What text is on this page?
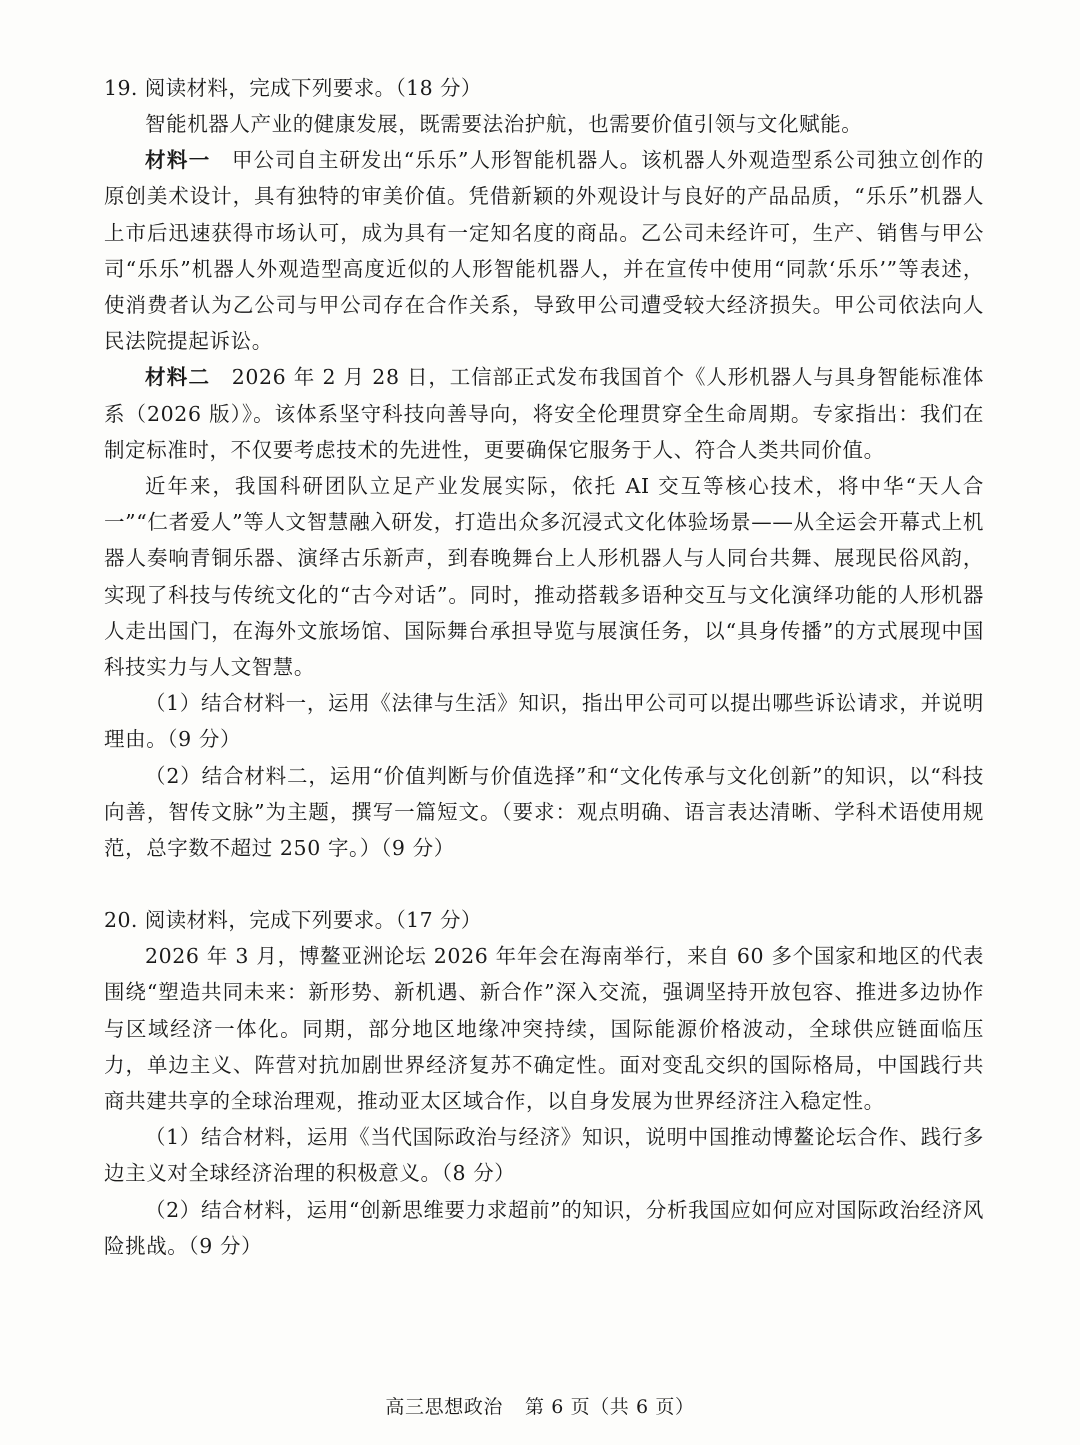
19. 阅读材料，完成下列要求。（18 分）

智能机器人产业的健康发展，既需要法治护航，也需要价值引领与文化赋能。

材料一　 甲公司自主研发出“乐乐”人形智能机器人。该机器人外观造型系公司独立创作的原创美术设计，具有独特的审美价值。凭借新颖的外观设计与良好的产品品质，“乐乐”机器人上市后迅速获得市场认可，成为具有一定知名度的商品。乙公司未经许可，生产、销售与甲公司“乐乐”机器人外观造型高度近似的人形智能机器人，并在宣传中使用“同款‘乐乐’”等表述，使消费者认为乙公司与甲公司存在合作关系，导致甲公司遭受较大经济损失。甲公司依法向人民法院提起诉讼。

材料二　 2026 年 2 月 28 日，工信部正式发布我国首个《人形机器人与具身智能标准体系（2026 版）》。该体系坚守科技向善导向，将安全伦理贯穿全生命周期。专家指出：我们在制定标准时，不仅要考虑技术的先进性，更要确保它服务于人、符合人类共同价值。

近年来，我国科研团队立足产业发展实际，依托 AI 交互等核心技术，将中华“天人合一”“仁者爱人”等人文智慧融入研发，打造出众多沉浸式文化体验场景——从全运会开幕式上机器人奏响青铜乐器、演绎古乐新声，到春晚舞台上人形机器人与人同台共舞、展现民俗风韵，实现了科技与传统文化的“古今对话”。同时，推动搭载多语种交互与文化演绎功能的人形机器人走出国门，在海外文旅场馆、国际舞台承担导览与展演任务，以“具身传播”的方式展现中国科技实力与人文智慧。

（1）结合材料一，运用《法律与生活》知识，指出甲公司可以提出哪些诉讼请求，并说明理由。（9 分）

（2）结合材料二，运用“价值判断与价值选择”和“文化传承与文化创新”的知识，以“科技向善，智传文脉”为主题，撰写一篇短文。（要求：观点明确、语言表达清晰、学科术语使用规范，总字数不超过 250 字。）（9 分）

20. 阅读材料，完成下列要求。（17 分）

2026 年 3 月，博鳌亚洲论坛 2026 年年会在海南举行，来自 60 多个国家和地区的代表围绕“塑造共同未来：新形势、新机遇、新合作”深入交流，强调坚持开放包容、推进多边协作与区域经济一体化。同期，部分地区地缘冲突持续，国际能源价格波动，全球供应链面临压力，单边主义、阵营对抗加剧世界经济复苏不确定性。面对变乱交织的国际格局，中国践行共商共建共享的全球治理观，推动亚太区域合作，以自身发展为世界经济注入稳定性。

（1）结合材料，运用《当代国际政治与经济》知识，说明中国推动博鳌论坛合作、践行多边主义对全球经济治理的积极意义。（8 分）

（2）结合材料，运用“创新思维要力求超前”的知识，分析我国应如何应对国际政治经济风险挑战。（9 分）

高三思想政治 第 6 页（共 6 页）
